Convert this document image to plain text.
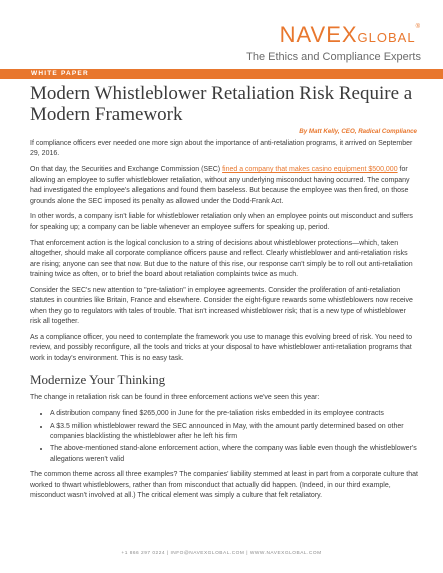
NAVEXGLOBAL®
The Ethics and Compliance Experts
WHITE PAPER
Modern Whistleblower Retaliation Risk Require a Modern Framework
By Matt Kelly, CEO, Radical Compliance

If compliance officers ever needed one more sign about the importance of anti-retaliation programs, it arrived on September 29, 2016.

On that day, the Securities and Exchange Commission (SEC) fined a company that makes casino equipment $500,000 for allowing an employee to suffer whistleblower retaliation, without any underlying misconduct having occurred. The company had investigated the employee's allegations and found them baseless. But because the employee was then fired, on those grounds alone the SEC imposed its penalty as allowed under the Dodd-Frank Act.

In other words, a company isn't liable for whistleblower retaliation only when an employee points out misconduct and suffers for speaking up; a company can be liable whenever an employee suffers for speaking up, period.

That enforcement action is the logical conclusion to a string of decisions about whistleblower protections—which, taken altogether, should make all corporate compliance officers pause and reflect. Clearly whistleblower and anti-retaliation risks are rising; anyone can see that now. But due to the nature of this rise, our response can't simply be to roll out anti-retaliation training twice as often, or to brief the board about retaliation complaints twice as much.

Consider the SEC's new attention to "pre-taliation" in employee agreements. Consider the proliferation of anti-retaliation statutes in countries like Britain, France and elsewhere. Consider the eight-figure rewards some whistleblowers now receive when they go to regulators with tales of trouble. That isn't increased whistleblower risk; that is a new type of whistleblower risk all together.

As a compliance officer, you need to contemplate the framework you use to manage this evolving breed of risk. You need to review, and possibly reconfigure, all the tools and tricks at your disposal to have whistleblower anti-retaliation programs that work in today's environment. This is no easy task.

Modernize Your Thinking

The change in retaliation risk can be found in three enforcement actions we've seen this year:

• A distribution company fined $265,000 in June for the pre-taliation risks embedded in its employee contracts
• A $3.5 million whistleblower reward the SEC announced in May, with the amount partly determined based on other companies blacklisting the whistleblower after he left his firm
• The above-mentioned stand-alone enforcement action, where the company was liable even though the whistleblower's allegations weren't valid

The common theme across all three examples? The companies' liability stemmed at least in part from a corporate culture that worked to thwart whistleblowers, rather than from misconduct that actually did happen. (Indeed, in our third example, misconduct wasn't involved at all.) The critical element was simply a culture that felt retaliatory.

+1 866 297 0224 | INFO@NAVEXGLOBAL.COM | WWW.NAVEXGLOBAL.COM
